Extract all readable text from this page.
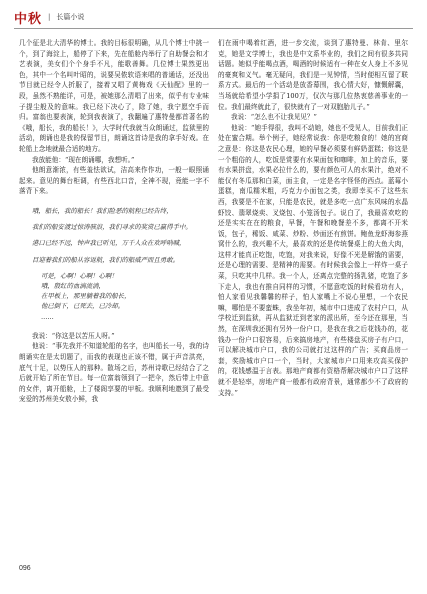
中秋 | 长篇小说

几个征是北大清华的博士。我的目标很明确，从几个博士中挑一个，到了海淀上，船停了下来，先在船舱内举行了自助餐会和才艺表演，美女们个个身手不凡，能歌善舞。几位博士果然更出色，其中一个名叫叶昭的，说要吴侬软语来唱的普通话，还没出节目就已经令人折服了，接着又唱了黄梅戏《天仙配》里的一段，虽然不熟能详，可是，被她那么清唱了出来，似乎有专业味子提尘般及的意味。我已经下决心了，除了她，我宁愿空手而归。富翁也要表演，轮到我表演了，我翻遍了惠特曼都首著名的《哦，船长，我的船长！》，大学时代我就当众朗诵过，监狱里的活动，朗诵也是我的保留节目，朗诵这首诗是我的拿手好戏。在轮船上念地就最合适的地方。

我放能他：“现在朗诵哪，我想听。”

他朗意渐浓，有些羞怯欲试，洁高来作作功，一般一眼照诵起来。意见的舞台柜调，有些西北口音，全神不现，竟能一字不落背下来。

哦，船长，我的船长！我们险恶的航程已经告终，

我们的船安渡过惊涛骇浪，我们寻求的奖赏已赢得手中。

港口已经不远，钟声我已听见，万千人众在欢呼呐喊，

目迎着我们的船从容返航，我们的船威严而且勇敢。

可是，心啊！心啊！心啊！

哦，殷红的血滴流淌，

在甲板上，那里躺着我的船长，

他已倒下，已死去，已冷却。

……

我说：“你这是以苦压人呀。”

他说：“事先我并不知道轮船的名字，也叫船长一号，我的诗朗诵实在是太切题了，而我的表现也正该不错，属于声音洪亮，底气十足，以势压人的那种。散场之后，苏州诗歌已经结合了之后就开始了所在节目。每一位富翁领到了一把伞，然后带上中意的女伴，离开船舱，上了楼阁享要的甲板。我顺利地邀到了最受宠爱的苏州美女敖小鲜，我

们在雨中喝着红酒，进一步交流，谈到了惠特曼、林肯、里尔克，她是文学博士，我也是中文系毕业的，我们之间有很多共同话题。她似乎能喝点酒，喝酒的时候适有一种在女人身上不多见的豪爽和义气。毫无疑问，我们是一见钟情，当时便相互留了联系方式。最后的一个活动是放香幕围，我心情大好，慷慨解囊，当场就给希望小学捐了100万，仅次与那几位热衷慈善事业的一位。我们最终就此了，很快就有了一对双胞胎儿子。”

我说：“怎么也不让我见见？”

他说：“她手得很，我叫不动她，她也不受见人，目前我们正处在蜜合期。举个例子，她经常说我：你是吃粮食的！她的宫商之意是：你这是农民心理，她的早餐必须要有鲜奶蛋糕；你这是一个粗俗的人，吃饭是赏要有水果面包和咖啡，加上的音乐，要有水果拼盘，水果必拉什么的，要有颜色可人的水果汁，绝对不能仅有冬瓜那和白菜，面主食，一定是名字怪怪的西点。蓝莓小蛋糕，南瓜糯米粗，巧克力小面包之类，我即幸买不了这些东西，我要是不在家，只能是农民，就是多吃一点广东风味的水晶虾饺、翡翠烧卖、叉烧包、小笼汤包子。说白了，我最喜欢吃的还是实实在在的粮食，早餐，午餐和晚餐差不多，都离不开米饭，包子，稀饭、咸菜、炒粉、炒面还有煎饼。鲍鱼龙虾海参燕窝什么的，我兴趣不大，最喜欢的还是传统餐桌上的大鱼大肉，这样才能真正吃饱，吃饱，对我来说，好像不光是解饿的需要，还是心理的需要、是精神的需要。有时候我会像上一样炸一桌子菜，只吃其中几样。我一个人，还离点完整的扬乳猪，吃饱了多下走人，我也有推自同样的习惯，不愿意吃饭的时候看功有人，怕人家看见我馨馨的样子，怕人家嘴上不说心里想，一个农民嘛，哪怕是不要蛮蛛，我坐年初，城市中口进成了农村户口，从学校迁到监狱，再从监狱迁到老家的派出所，至今还在那里，当然，在深圳我还拥有另外一份户口，是我在我之后花钱办的，花钱办一份户口很容易，后来搞房地产，有些楼盘买房子有户口，可以解决城市户口，我的公司就打过这样的广告；买商品房一套，奖励城市户口一个，当时，大家城市户口用来攻高买保护的，花钱感温于言表。那地产商都有资格帮解决城市户口了这样就不是轻率，房地产商一般都有政府背景，通常都少不了政府的支持。”

096
